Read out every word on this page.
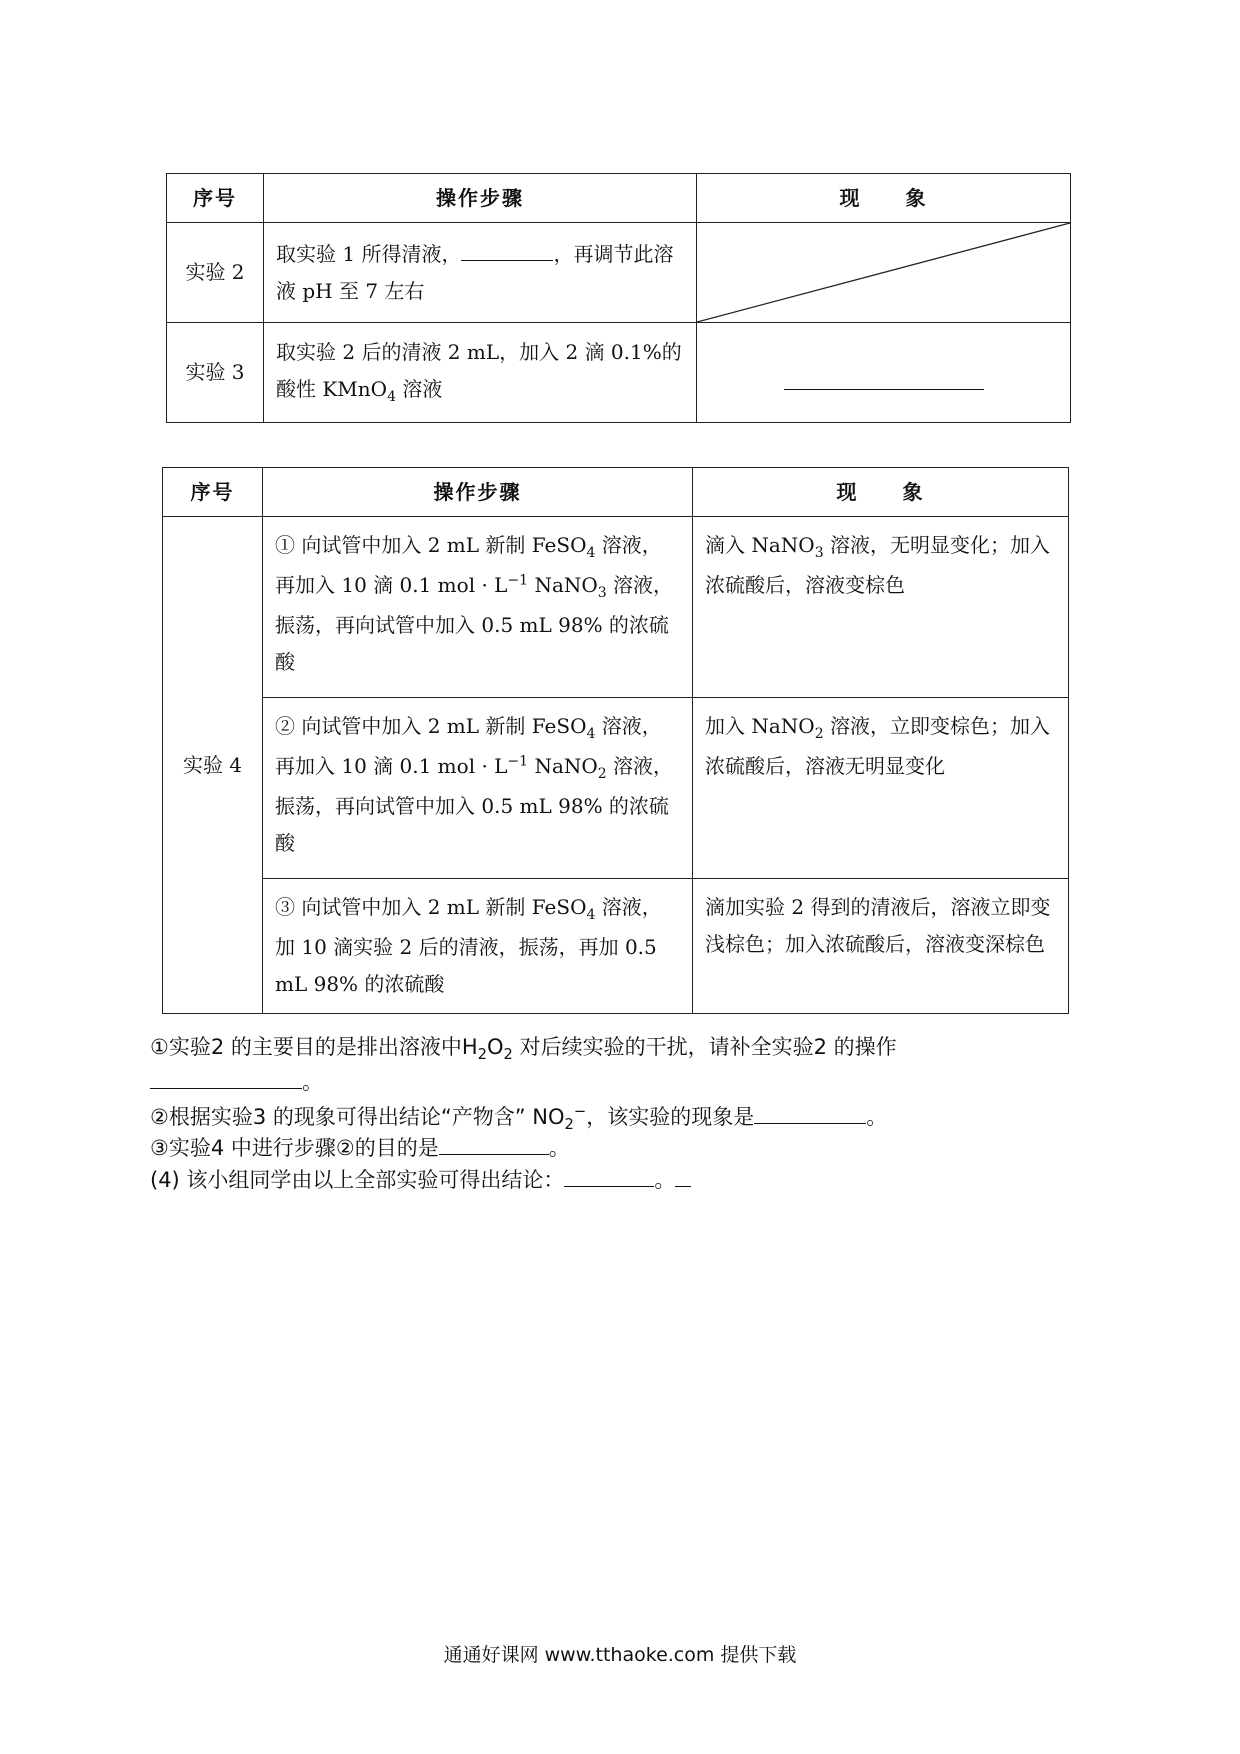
序号	操作步骤	现　　象
实验 2	取实验 1 所得清液， ，再调节此溶液 pH 至 7 左右	

实验 3	取实验 2 后的清液 2 mL，加入 2 滴 0.1%的酸性 KMnO$_4$ 溶液	
序号	操作步骤	现　　象
实验 4	① 向试管中加入 2 mL 新制 FeSO$_4$ 溶液，再加入 10 滴 0.1 mol · $L^{-1}$ NaNO$_3$ 溶液，振荡，再向试管中加入 0.5 mL 98% 的浓硫酸	滴入 NaNO$_3$ 溶液，无明显变化；加入浓硫酸后，溶液变棕色
	② 向试管中加入 2 mL 新制 FeSO$_4$ 溶液，再加入 10 滴 0.1 mol · $L^{-1}$ NaNO$_2$ 溶液，振荡，再向试管中加入 0.5 mL 98% 的浓硫酸	加入 NaNO$_2$ 溶液，立即变棕色；加入浓硫酸后，溶液无明显变化
	③ 向试管中加入 2 mL 新制 FeSO$_4$ 溶液，加 10 滴实验 2 后的清液，振荡，再加 0.5 mL 98% 的浓硫酸	滴加实验 2 得到的清液后，溶液立即变浅棕色；加入浓硫酸后，溶液变深棕色
①实验2 的主要目的是排出溶液中$H_2O_2$ 对后续实验的干扰，请补全实验2 的操作
。
②根据实验3 的现象可得出结论“产物含” $NO_2^-$，该实验的现象是	。
③实验4 中进行步骤②的目的是	。
(4) 该小组同学由以上全部实验可得出结论：	。
通通好课网 www.tthaoke.com 提供下载
